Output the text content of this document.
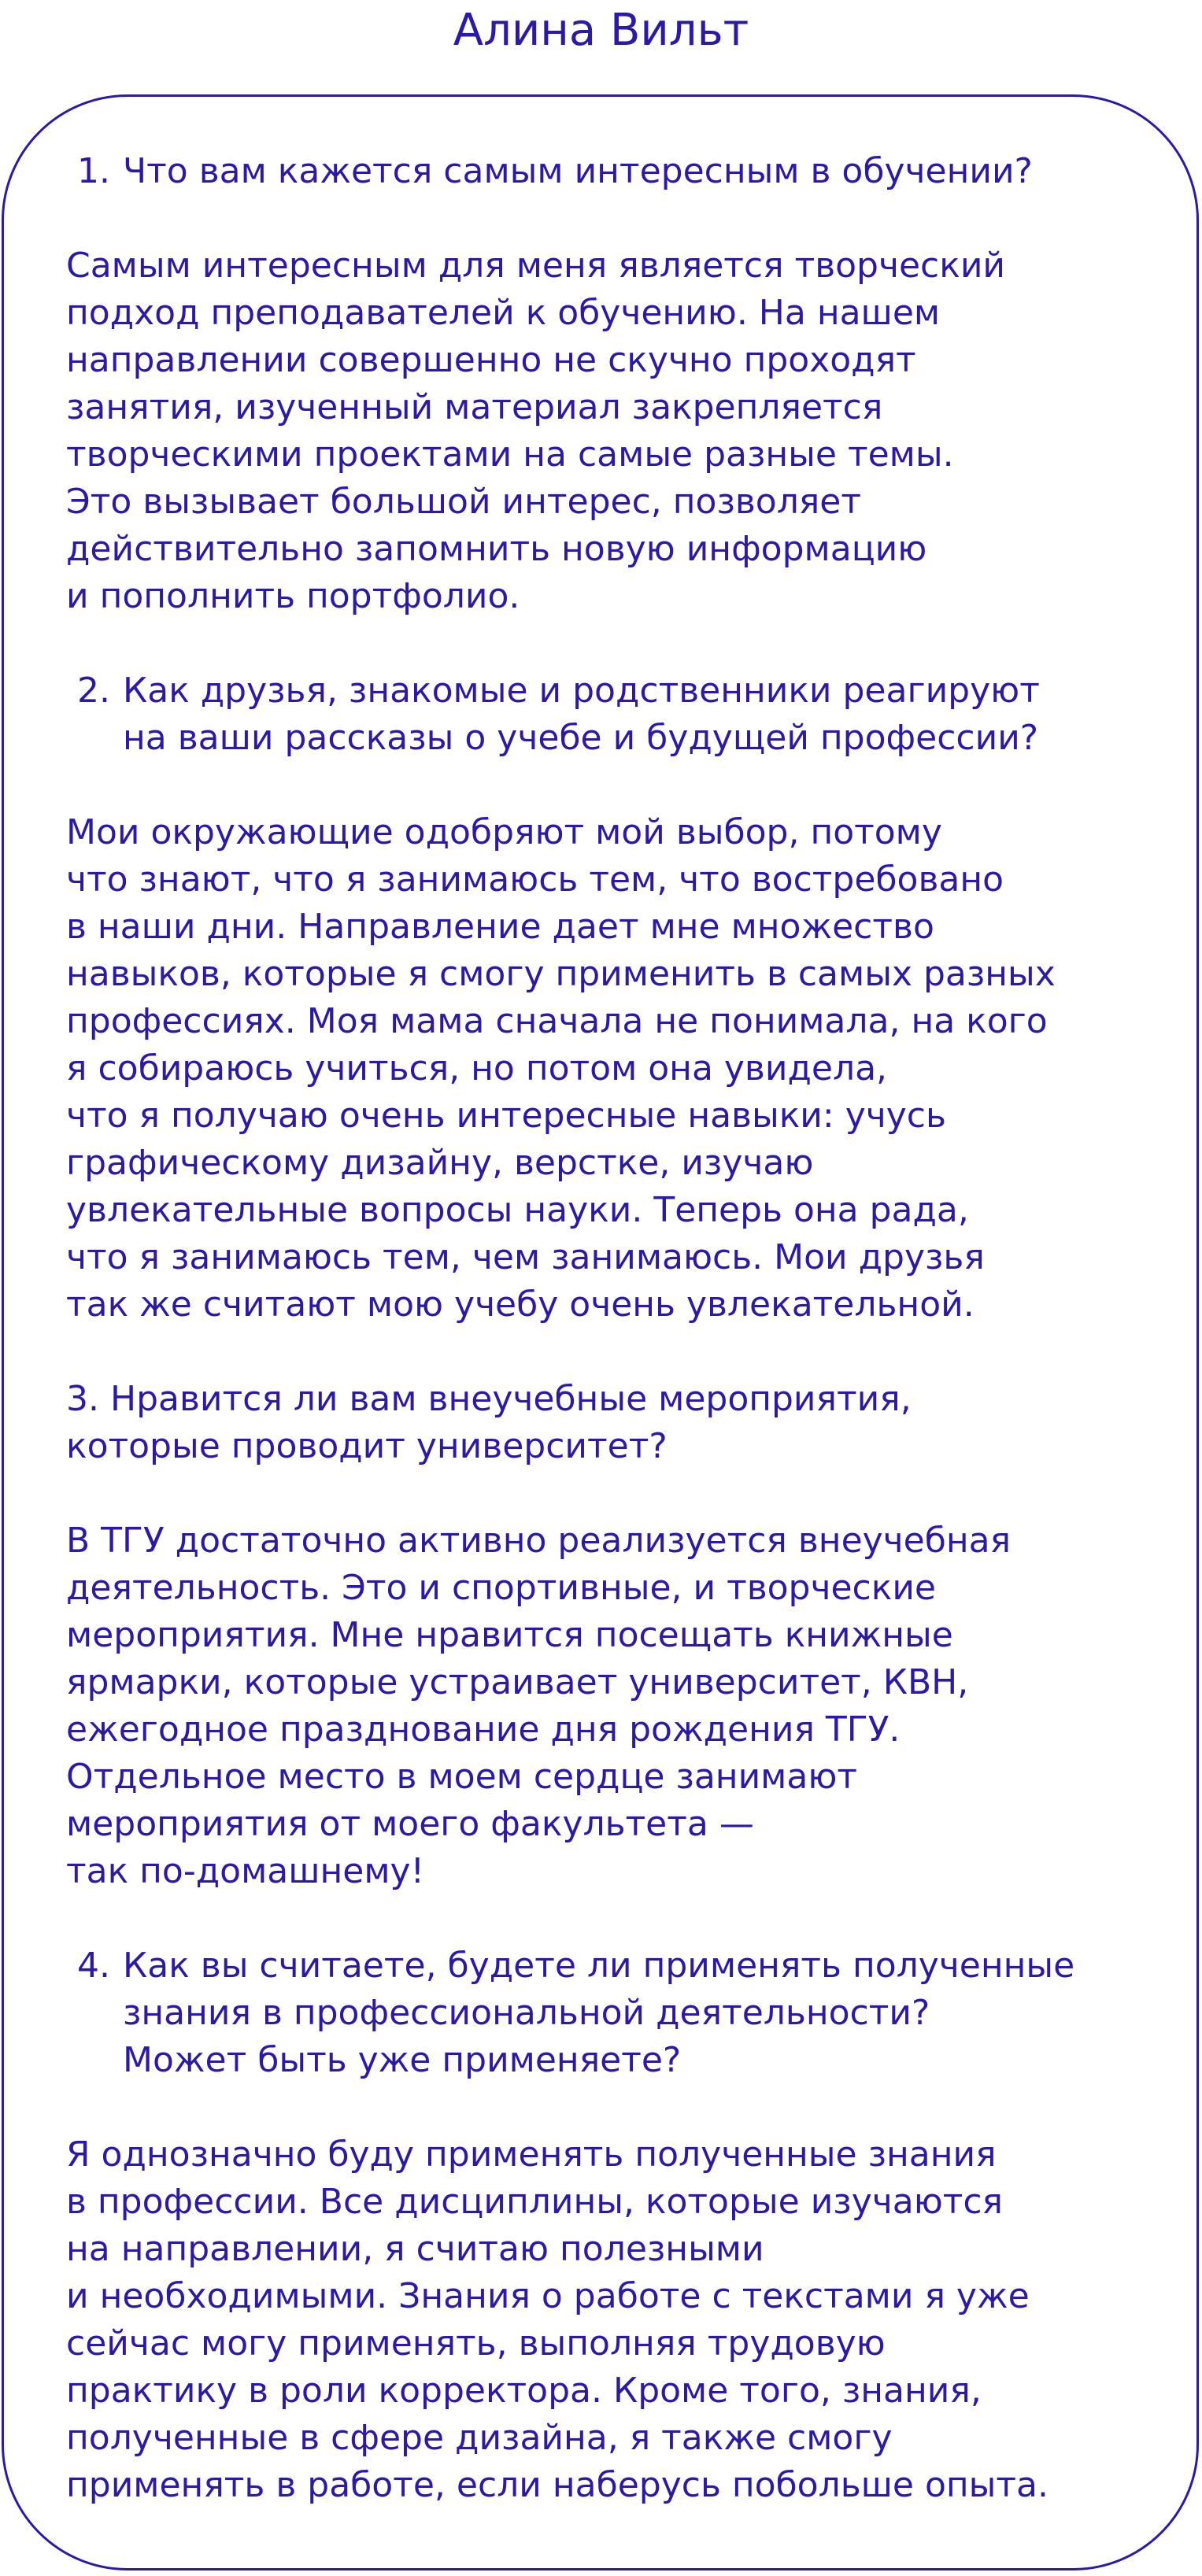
Алина Вильт
1. Что вам кажется самым интересным в обучении?

Самым интересным для меня является творческий

подход преподавателей к обучению. На нашем

направлении совершенно не скучно проходят

занятия, изученный материал закрепляется

творческими проектами на самые разные темы.

Это вызывает большой интерес, позволяет

действительно запомнить новую информацию

и пополнить портфолио.

2. Как друзья, знакомые и родственники реагируют
на ваши рассказы о учебе и будущей профессии?

Мои окружающие одобряют мой выбор, потому

что знают, что я занимаюсь тем, что востребовано

в наши дни. Направление дает мне множество

навыков, которые я смогу применить в самых разных

профессиях. Моя мама сначала не понимала, на кого

я собираюсь учиться, но потом она увидела,

что я получаю очень интересные навыки: учусь

графическому дизайну, верстке, изучаю

увлекательные вопросы науки. Теперь она рада,

что я занимаюсь тем, чем занимаюсь. Мои друзья

так же считают мою учебу очень увлекательной.

3. Нравится ли вам внеучебные мероприятия,
которые проводит университет?

В ТГУ достаточно активно реализуется внеучебная

деятельность. Это и спортивные, и творческие

мероприятия. Мне нравится посещать книжные

ярмарки, которые устраивает университет, КВН,

ежегодное празднование дня рождения ТГУ.

Отдельное место в моем сердце занимают

мероприятия от моего факультета —

так по-домашнему!

4. Как вы считаете, будете ли применять полученные
знания в профессиональной деятельности?
Может быть уже применяете?

Я однозначно буду применять полученные знания

в профессии. Все дисциплины, которые изучаются

на направлении, я считаю полезными

и необходимыми. Знания о работе с текстами я уже

сейчас могу применять, выполняя трудовую

практику в роли корректора. Кроме того, знания,

полученные в сфере дизайна, я также смогу

применять в работе, если наберусь побольше опыта.
